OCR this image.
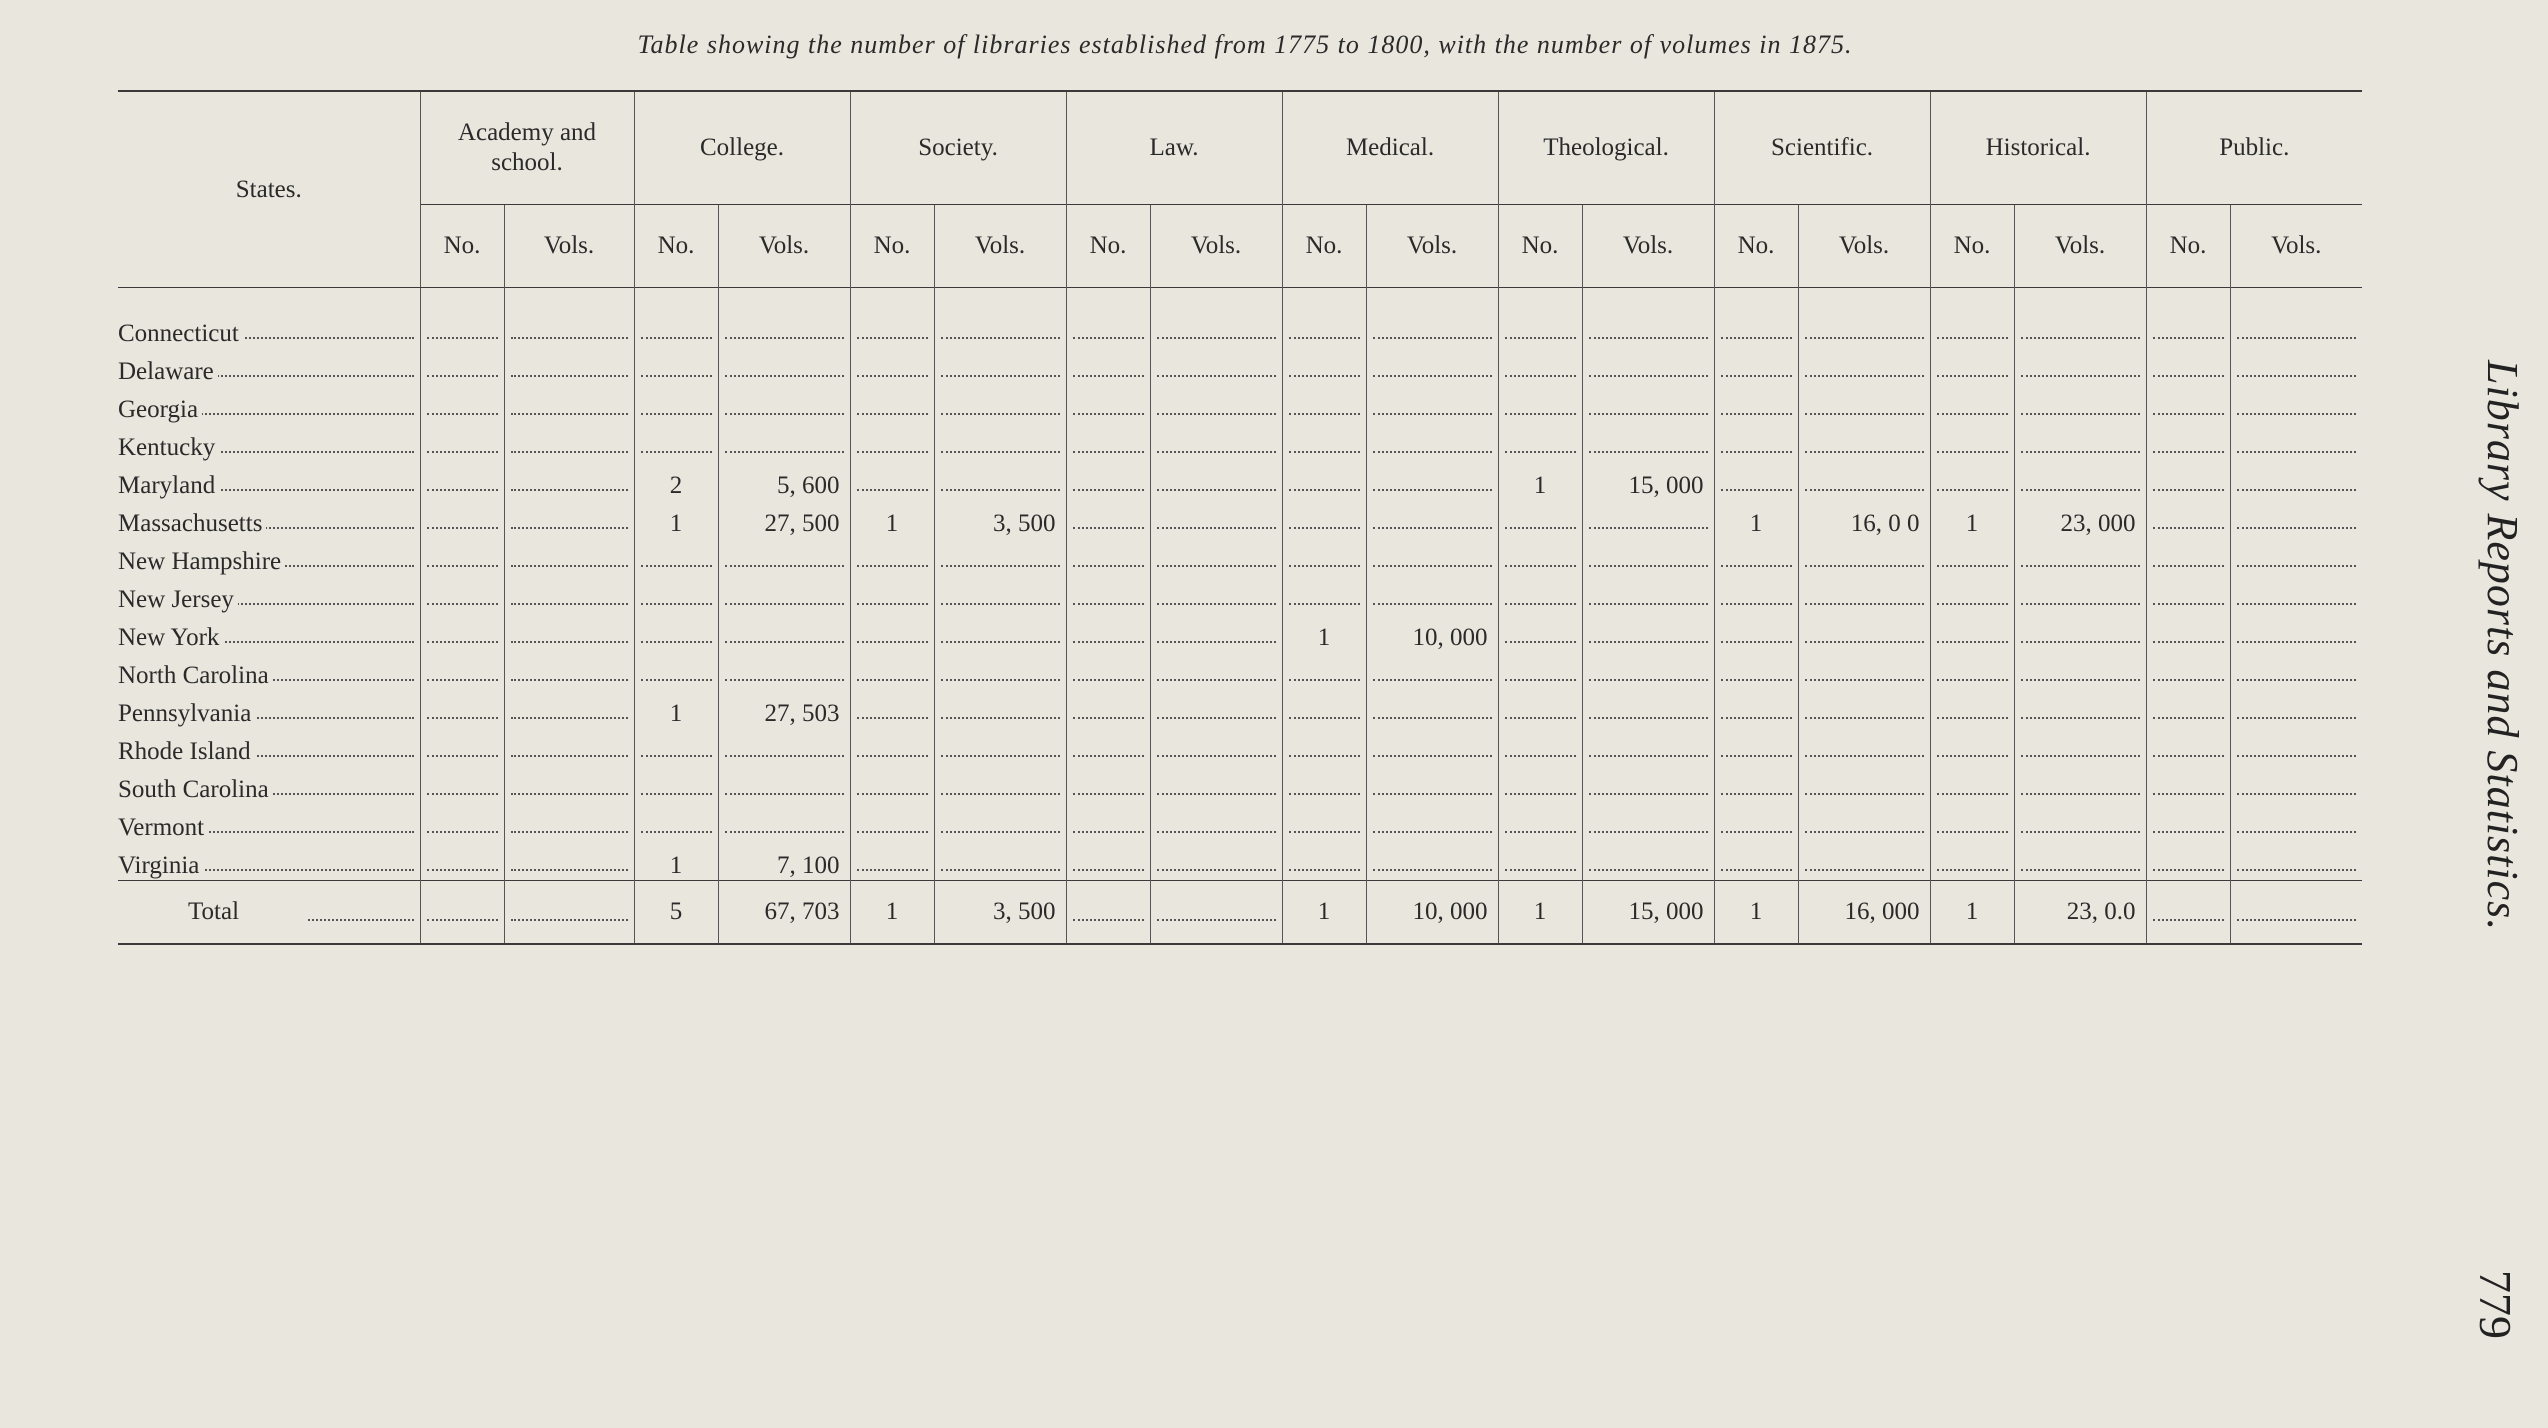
Table showing the number of libraries established from 1775 to 1800, with the number of volumes in 1875.
States.	Academy and school.		College.		Society.		Law.		Medical.		Theological.		Scientific.		Historical.		Public.	
	No.	Vols.	No.	Vols.	No.	Vols.	No.	Vols.	No.	Vols.	No.	Vols.	No.	Vols.	No.	Vols.	No.	Vols.

Connecticut	

Delaware	

Georgia	

Kentucky	

Maryland			2	5, 600							1	15, 000	

Massachusetts			1	27, 500	1	3, 500							1	16, 0 0	1	23, 000	

New Hampshire	

New Jersey	

New York									1	10, 000	

North Carolina	

Pennsylvania			1	27, 503	

Rhode Island	

South Carolina	

Vermont	

Virginia			1	7, 100	

Total			5	67, 703	1	3, 500			1	10, 000	1	15, 000	1	16, 000	1	23, 0.0	
		Library Reports and Statistics.
779
